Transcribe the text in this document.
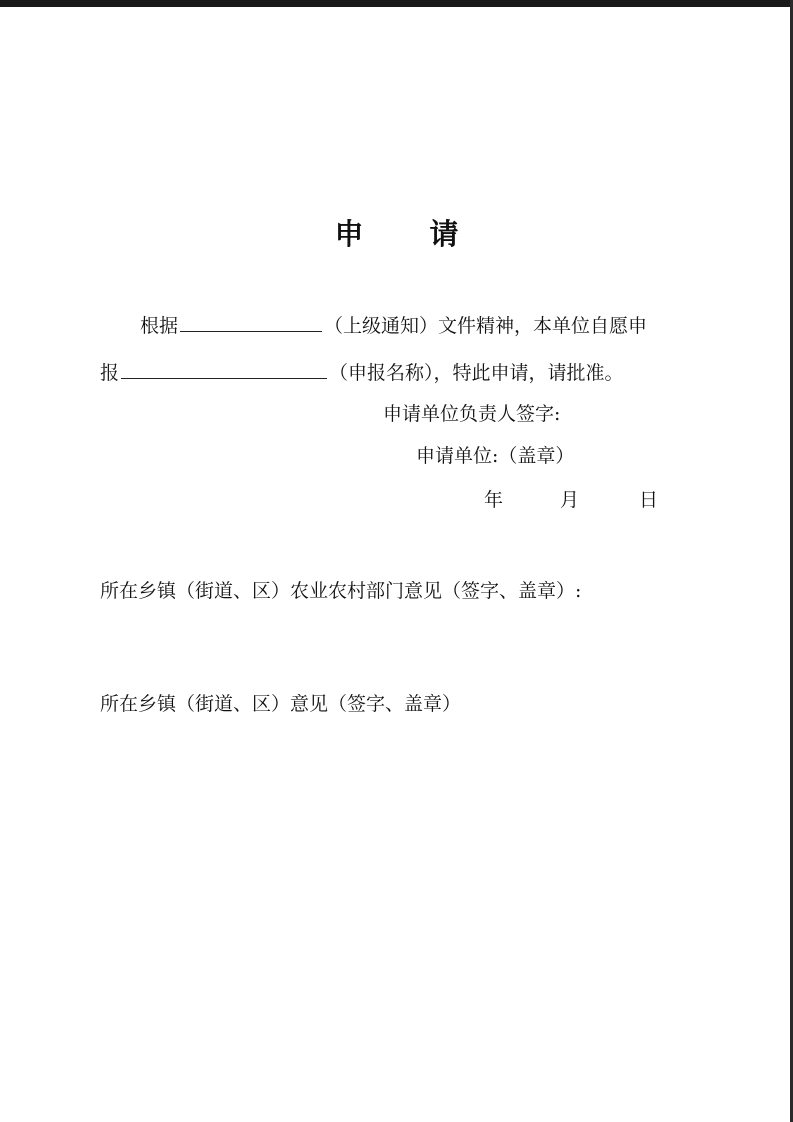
申 请
根据	（上级通知）文件精神，本单位自愿申
报	（申报名称），特此申请，请批准。
申请单位负责人签字:
申请单位:（盖章）
年	月	日
所在乡镇（街道、区）农业农村部门意见（签字、盖章）:
所在乡镇（街道、区）意见（签字、盖章）
